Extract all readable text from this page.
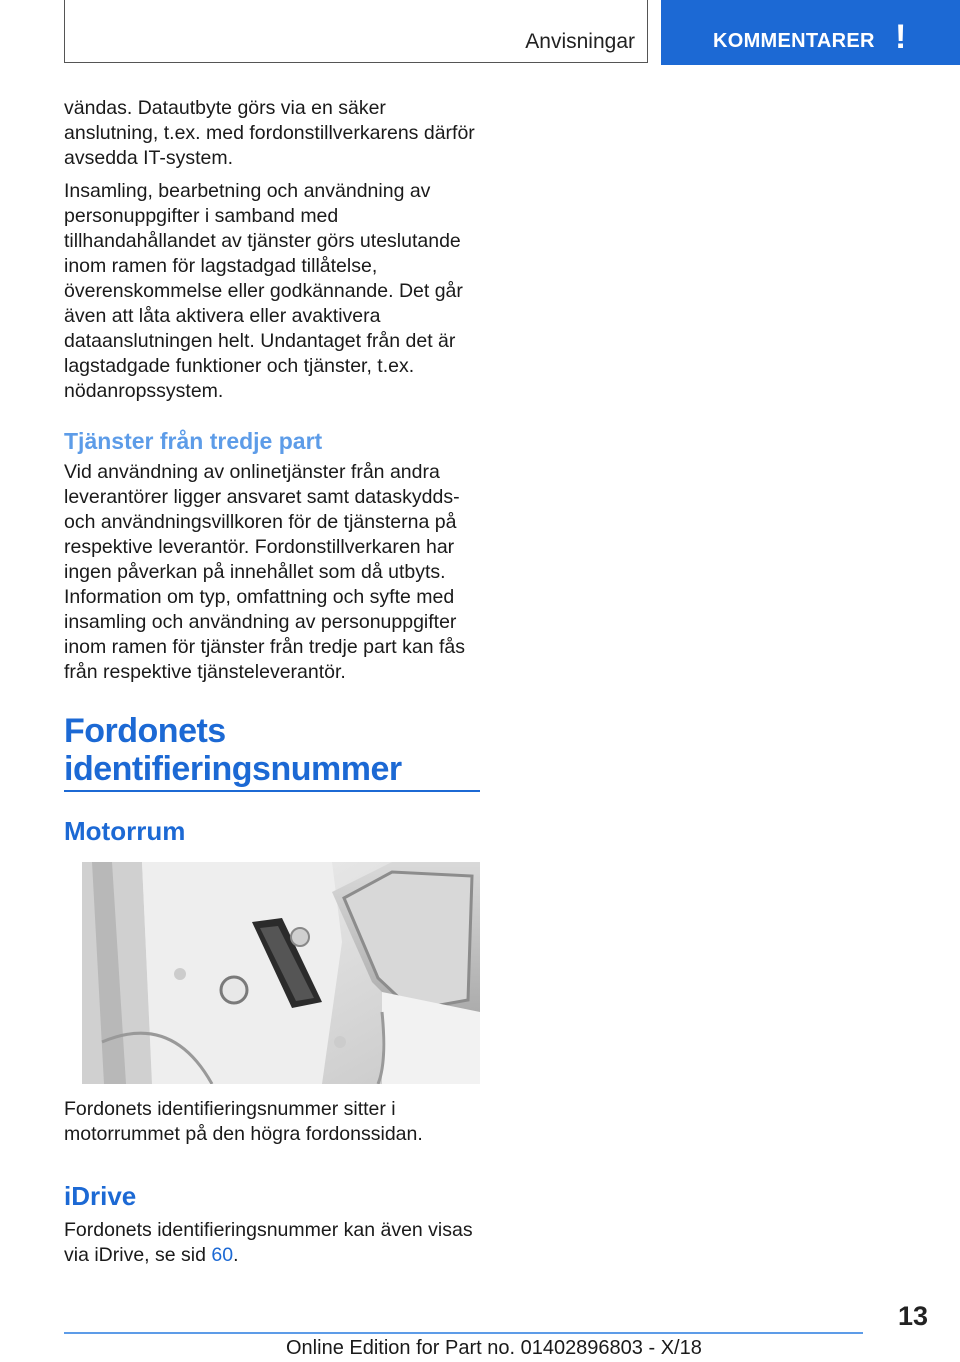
Anvisningar	KOMMENTARER !

vändas. Datautbyte görs via en säker anslutning, t.ex. med fordonstillverkarens därför avsedda IT-system.

Insamling, bearbetning och användning av personuppgifter i samband med tillhandahållandet av tjänster görs uteslutande inom ramen för lagstadgad tillåtelse, överenskommelse eller godkännande. Det går även att låta aktivera eller avaktivera dataanslutningen helt. Undantaget från det är lagstadgade funktioner och tjänster, t.ex. nödanropssystem.

Tjänster från tredje part

Vid användning av onlinetjänster från andra leverantörer ligger ansvaret samt dataskydds- och användningsvillkoren för de tjänsterna på respektive leverantör. Fordonstillverkaren har ingen påverkan på innehållet som då utbyts. Information om typ, omfattning och syfte med insamling och användning av personuppgifter inom ramen för tjänster från tredje part kan fås från respektive tjänsteleverantör.

Fordonets identifieringsnummer
Motorrum

Fordonets identifieringsnummer sitter i motorrummet på den högra fordonssidan.

iDrive

Fordonets identifieringsnummer kan även visas via iDrive, se sid 60.

13
Online Edition for Part no. 01402896803 - X/18
